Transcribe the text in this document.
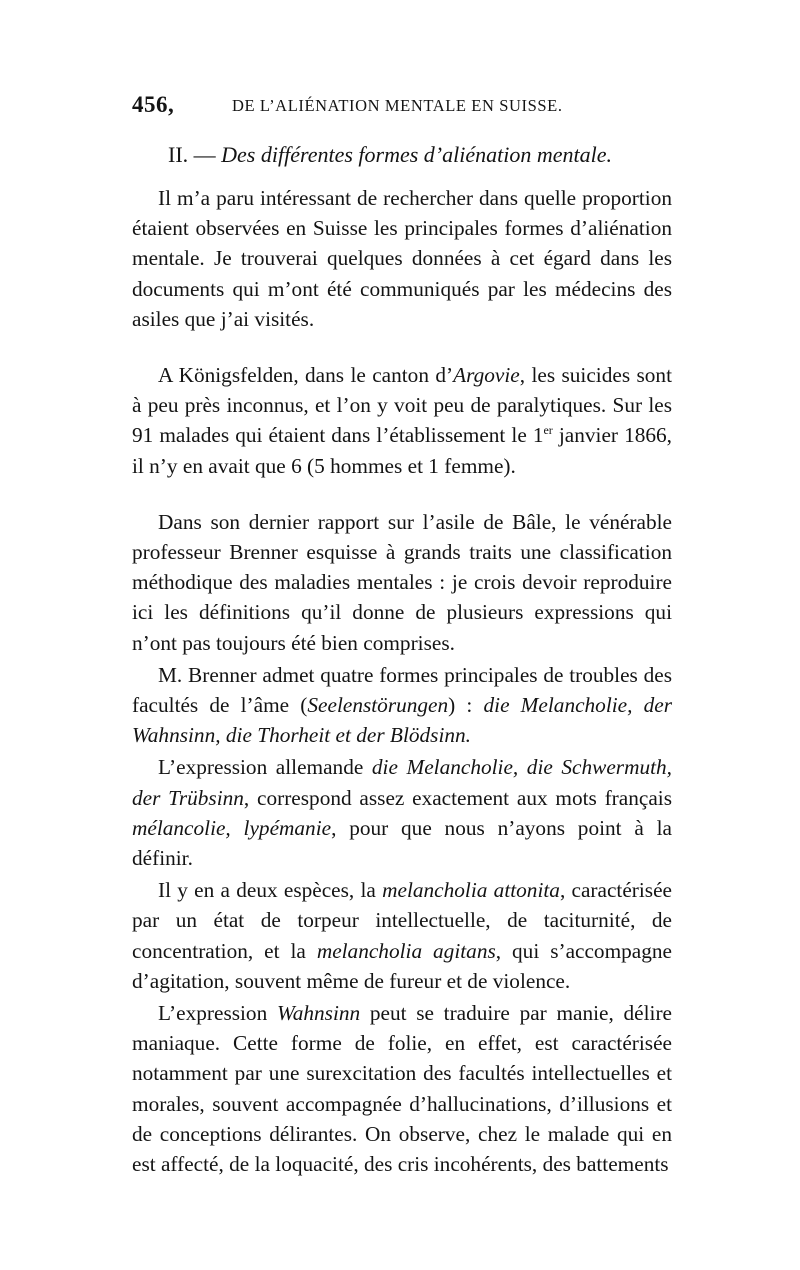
456,	DE L’ALIÉNATION MENTALE EN SUISSE.
II. — Des différentes formes d’aliénation mentale.

Il m’a paru intéressant de rechercher dans quelle proportion étaient observées en Suisse les principales formes d’aliénation mentale. Je trouverai quelques données à cet égard dans les documents qui m’ont été communiqués par les médecins des asiles que j’ai visités.

A Königsfelden, dans le canton d’Argovie, les suicides sont à peu près inconnus, et l’on y voit peu de paralytiques. Sur les 91 malades qui étaient dans l’établissement le 1er janvier 1866, il n’y en avait que 6 (5 hommes et 1 femme).

Dans son dernier rapport sur l’asile de Bâle, le vénérable professeur Brenner esquisse à grands traits une classification méthodique des maladies mentales : je crois devoir reproduire ici les définitions qu’il donne de plusieurs expressions qui n’ont pas toujours été bien comprises.

M. Brenner admet quatre formes principales de troubles des facultés de l’âme (Seelenstörungen) : die Melancholie, der Wahnsinn, die Thorheit et der Blödsinn.

L’expression allemande die Melancholie, die Schwermuth, der Trübsinn, correspond assez exactement aux mots français mélancolie, lypémanie, pour que nous n’ayons point à la définir.

Il y en a deux espèces, la melancholia attonita, caractérisée par un état de torpeur intellectuelle, de taciturnité, de concentration, et la melancholia agitans, qui s’accompagne d’agitation, souvent même de fureur et de violence.

L’expression Wahnsinn peut se traduire par manie, délire maniaque. Cette forme de folie, en effet, est caractérisée notamment par une surexcitation des facultés intellectuelles et morales, souvent accompagnée d’hallucinations, d’illusions et de conceptions délirantes. On observe, chez le malade qui en est affecté, de la loquacité, des cris incohérents, des battements
